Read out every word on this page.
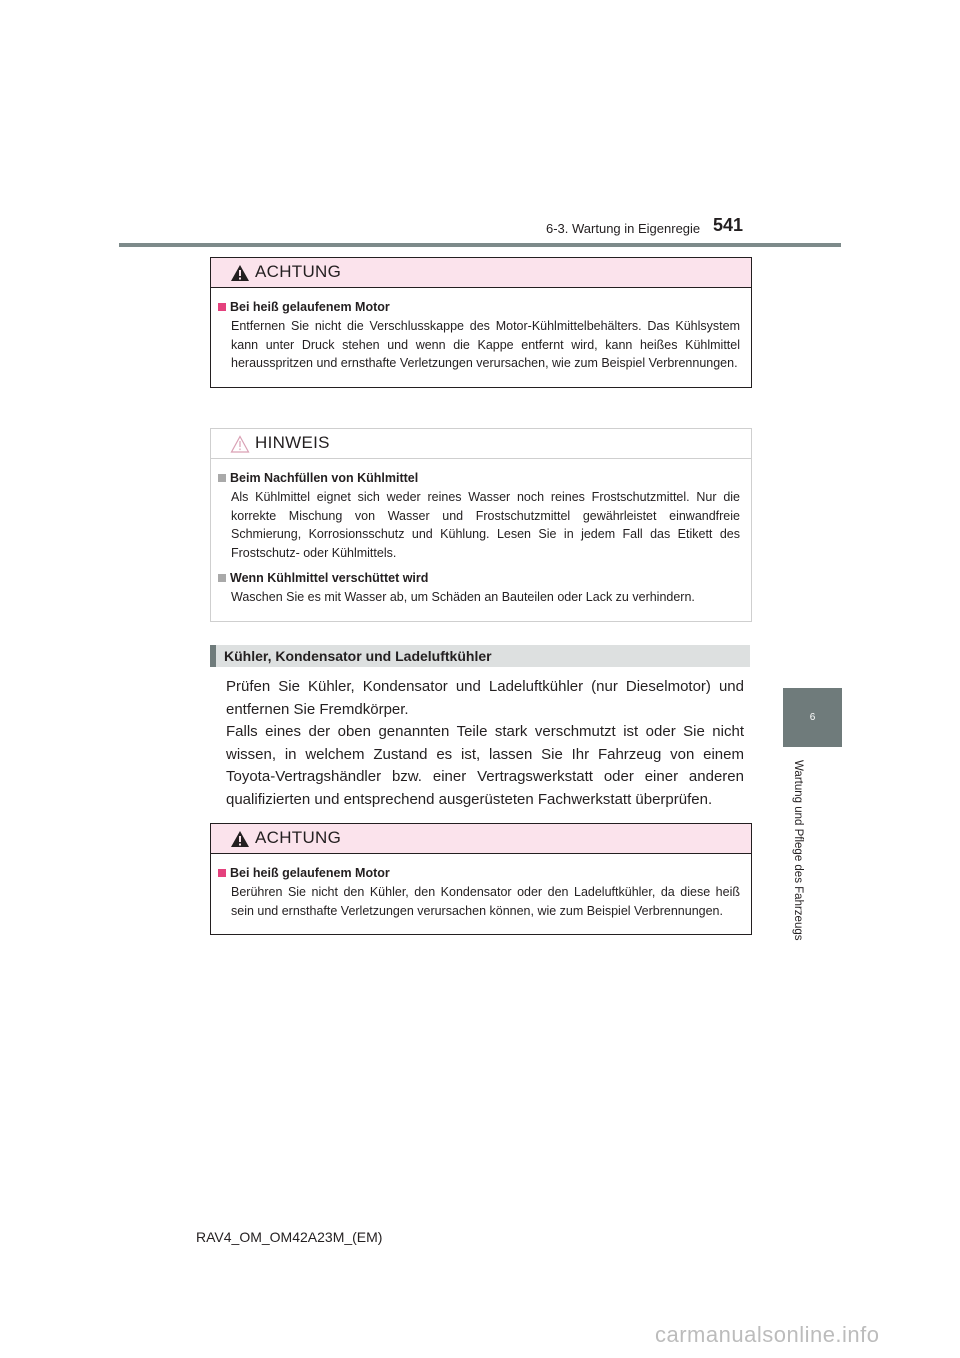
6-3. Wartung in Eigenregie 541
6
Wartung und Pflege des Fahrzeugs
ACHTUNG
Bei heiß gelaufenem Motor
Entfernen Sie nicht die Verschlusskappe des Motor-Kühlmittelbehälters. Das Kühlsystem kann unter Druck stehen und wenn die Kappe entfernt wird, kann heißes Kühlmittel herausspritzen und ernsthafte Verletzungen verursachen, wie zum Beispiel Verbrennungen.
HINWEIS
Beim Nachfüllen von Kühlmittel
Als Kühlmittel eignet sich weder reines Wasser noch reines Frostschutzmittel. Nur die korrekte Mischung von Wasser und Frostschutzmittel gewährleistet einwandfreie Schmierung, Korrosionsschutz und Kühlung. Lesen Sie in jedem Fall das Etikett des Frostschutz- oder Kühlmittels.
Wenn Kühlmittel verschüttet wird
Waschen Sie es mit Wasser ab, um Schäden an Bauteilen oder Lack zu verhindern.
Kühler, Kondensator und Ladeluftkühler

Prüfen Sie Kühler, Kondensator und Ladeluftkühler (nur Dieselmotor) und entfernen Sie Fremdkörper.

Falls eines der oben genannten Teile stark verschmutzt ist oder Sie nicht wissen, in welchem Zustand es ist, lassen Sie Ihr Fahrzeug von einem Toyota-Vertragshändler bzw. einer Vertragswerkstatt oder einer anderen qualifizierten und entsprechend ausgerüsteten Fachwerkstatt überprüfen.

ACHTUNG
Bei heiß gelaufenem Motor
Berühren Sie nicht den Kühler, den Kondensator oder den Ladeluftkühler, da diese heiß sein und ernsthafte Verletzungen verursachen können, wie zum Beispiel Verbrennungen.
RAV4_OM_OM42A23M_(EM)
carmanualsonline.info
